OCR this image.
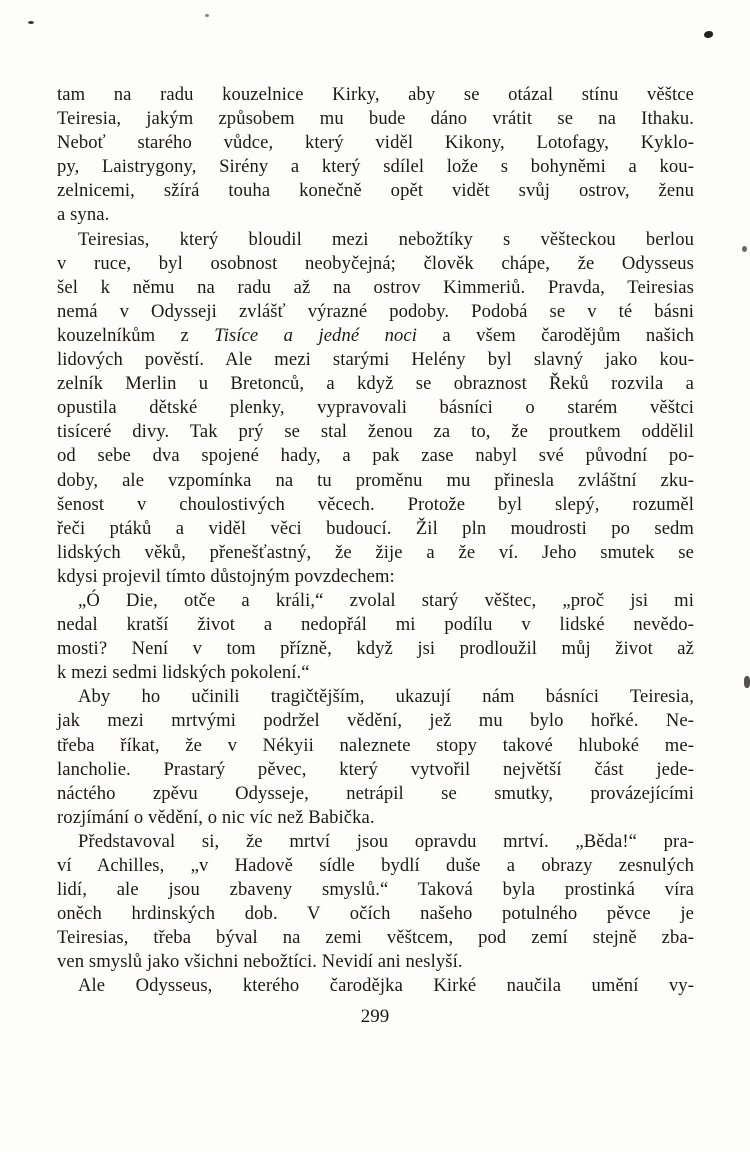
tam na radu kouzelnice Kirky, aby se otázal stínu věštce
Teiresia, jakým způsobem mu bude dáno vrátit se na Ithaku.
Neboť starého vůdce, který viděl Kikony, Lotofagy, Kyklo-
py, Laistrygony, Sirény a který sdílel lože s bohyněmi a kou-
zelnicemi, sžírá touha konečně opět vidět svůj ostrov, ženu
a syna.
Teiresias, který bloudil mezi nebožtíky s věšteckou berlou
v ruce, byl osobnost neobyčejná; člověk chápe, že Odysseus
šel k němu na radu až na ostrov Kimmeriů. Pravda, Teiresias
nemá v Odysseji zvlášť výrazné podoby. Podobá se v té básni
kouzelníkům z Tisíce a jedné noci a všem čarodějům našich
lidových pověstí. Ale mezi starými Helény byl slavný jako kou-
zelník Merlin u Bretonců, a když se obraznost Řeků rozvila a
opustila dětské plenky, vypravovali básníci o starém věštci
tisíceré divy. Tak prý se stal ženou za to, že proutkem oddělil
od sebe dva spojené hady, a pak zase nabyl své původní po-
doby, ale vzpomínka na tu proměnu mu přinesla zvláštní zku-
šenost v choulostivých věcech. Protože byl slepý, rozuměl
řeči ptáků a viděl věci budoucí. Žil pln moudrosti po sedm
lidských věků, přenešťastný, že žije a že ví. Jeho smutek se
kdysi projevil tímto důstojným povzdechem:
„Ó Die, otče a králi,“ zvolal starý věštec, „proč jsi mi
nedal kratší život a nedopřál mi podílu v lidské nevědo-
mosti? Není v tom přízně, když jsi prodloužil můj život až
k mezi sedmi lidských pokolení.“
Aby ho učinili tragičtějším, ukazují nám básníci Teiresia,
jak mezi mrtvými podržel vědění, jež mu bylo hořké. Ne-
třeba říkat, že v Nékyii naleznete stopy takové hluboké me-
lancholie. Prastarý pěvec, který vytvořil největší část jede-
náctého zpěvu Odysseje, netrápil se smutky, provázejícími
rozjímání o vědění, o nic víc než Babička.
Představoval si, že mrtví jsou opravdu mrtví. „Běda!“ pra-
ví Achilles, „v Hadově sídle bydlí duše a obrazy zesnulých
lidí, ale jsou zbaveny smyslů.“ Taková byla prostinká víra
oněch hrdinských dob. V očích našeho potulného pěvce je
Teiresias, třeba býval na zemi věštcem, pod zemí stejně zba-
ven smyslů jako všichni nebožtíci. Nevidí ani neslyší.
Ale Odysseus, kterého čarodějka Kirké naučila umění vy-
299
